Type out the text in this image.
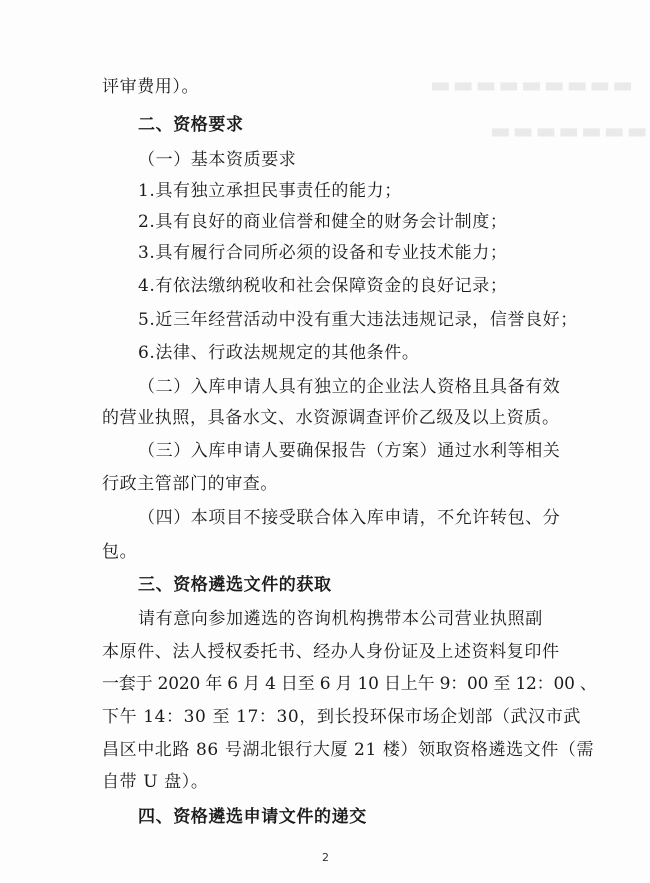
▬▬▬▬▬▬▬▬▬
▬▬▬▬▬▬▬
评审费用）。
二、资格要求
（一）基本资质要求
1.具有独立承担民事责任的能力；
2.具有良好的商业信誉和健全的财务会计制度；
3.具有履行合同所必须的设备和专业技术能力；
4.有依法缴纳税收和社会保障资金的良好记录；
5.近三年经营活动中没有重大违法违规记录，信誉良好；
6.法律、行政法规规定的其他条件。
（二）入库申请人具有独立的企业法人资格且具备有效
的营业执照，具备水文、水资源调查评价乙级及以上资质。
（三）入库申请人要确保报告（方案）通过水利等相关
行政主管部门的审查。
（四）本项目不接受联合体入库申请，不允许转包、分
包。
三、资格遴选文件的获取
请有意向参加遴选的咨询机构携带本公司营业执照副
本原件、法人授权委托书、经办人身份证及上述资料复印件
一套于 2020 年 6 月 4 日至 6 月 10 日上午 9：00 至 12：00 、
下午 14：30 至 17：30，到长投环保市场企划部（武汉市武
昌区中北路 86 号湖北银行大厦 21 楼）领取资格遴选文件（需
自带 U 盘）。
四、资格遴选申请文件的递交
2
